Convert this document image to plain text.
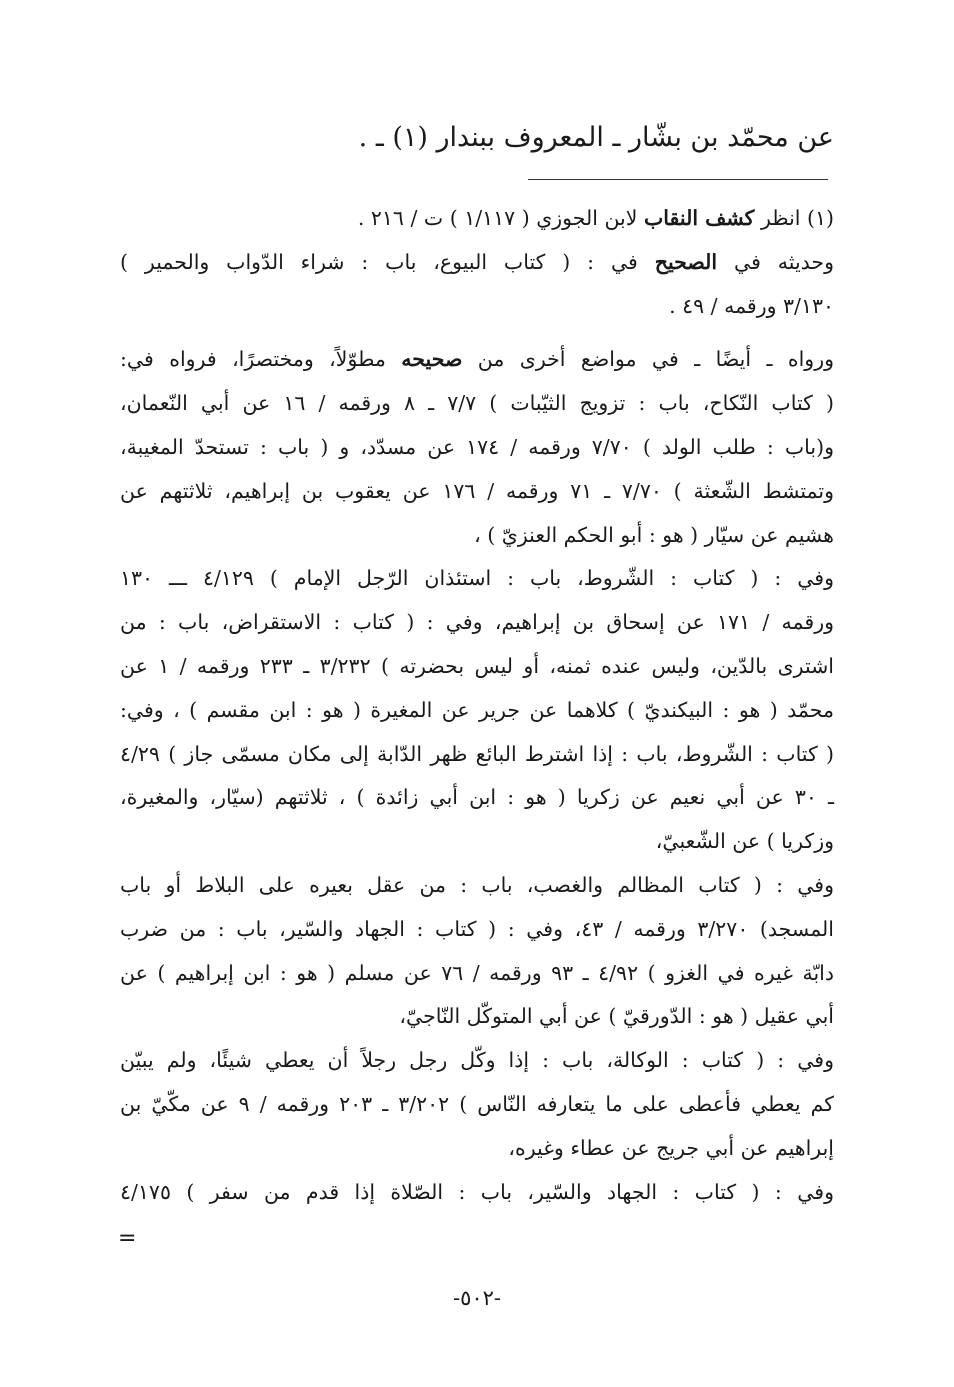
عن محمّد بن بشّار ـ المعروف ببندار (١) ـ .
(١) انظر كشف النقاب لابن الجوزي ( ١/١١٧ ) ت / ٢١٦ .
وحديثه في الصحيح في : ( كتاب البيوع، باب : شراء الدّواب والحمير )
٣/١٣٠ ورقمه / ٤٩ .
ورواه ـ أيضًا ـ في مواضع أخرى من صحيحه مطوّلاً، ومختصرًا، فرواه في:
( كتاب النّكاح، باب : تزويج الثيّبات ) ٧/٧ ـ ٨ ورقمه / ١٦ عن أبي النّعمان،
و(باب : طلب الولد ) ٧/٧٠ ورقمه / ١٧٤ عن مسدّد، و ( باب : تستحدّ المغيبة،
وتمتشط الشّعثة ) ٧/٧٠ ـ ٧١ ورقمه / ١٧٦ عن يعقوب بن إبراهيم، ثلاثتهم عن
هشيم عن سيّار ( هو : أبو الحكم العنزيّ ) ،
وفي : ( كتاب : الشّروط، باب : استئذان الرّجل الإمام ) ٤/١٢٩ ـــ ١٣٠
ورقمه / ١٧١ عن إسحاق بن إبراهيم، وفي : ( كتاب : الاستقراض، باب : من
اشترى بالدّين، وليس عنده ثمنه، أو ليس بحضرته ) ٣/٢٣٢ ـ ٢٣٣ ورقمه / ١ عن
محمّد ( هو : البيكنديّ ) كلاهما عن جرير عن المغيرة ( هو : ابن مقسم ) ، وفي:
( كتاب : الشّروط، باب : إذا اشترط البائع ظهر الدّابة إلى مكان مسمّى جاز ) ٤/٢٩
ـ ٣٠ عن أبي نعيم عن زكريا ( هو : ابن أبي زائدة ) ، ثلاثتهم (سيّار، والمغيرة،
وزكريا ) عن الشّعبيّ،
وفي : ( كتاب المظالم والغصب، باب : من عقل بعيره على البلاط أو باب
المسجد) ٣/٢٧٠ ورقمه / ٤٣، وفي : ( كتاب : الجهاد والسّير، باب : من ضرب
دابّة غيره في الغزو ) ٤/٩٢ ـ ٩٣ ورقمه / ٧٦ عن مسلم ( هو : ابن إبراهيم ) عن
أبي عقيل ( هو : الدّورقيّ ) عن أبي المتوكّل النّاجيّ،
وفي : ( كتاب : الوكالة، باب : إذا وكّل رجل رجلاً أن يعطي شيئًا، ولم يبيّن
كم يعطي فأعطى على ما يتعارفه النّاس ) ٣/٢٠٢ ـ ٢٠٣ ورقمه / ٩ عن مكّيّ بن
إبراهيم عن أبي جريج عن عطاء وغيره،
وفي : ( كتاب : الجهاد والسّير، باب : الصّلاة إذا قدم من سفر ) ٤/١٧٥
=
-٥٠٢-
